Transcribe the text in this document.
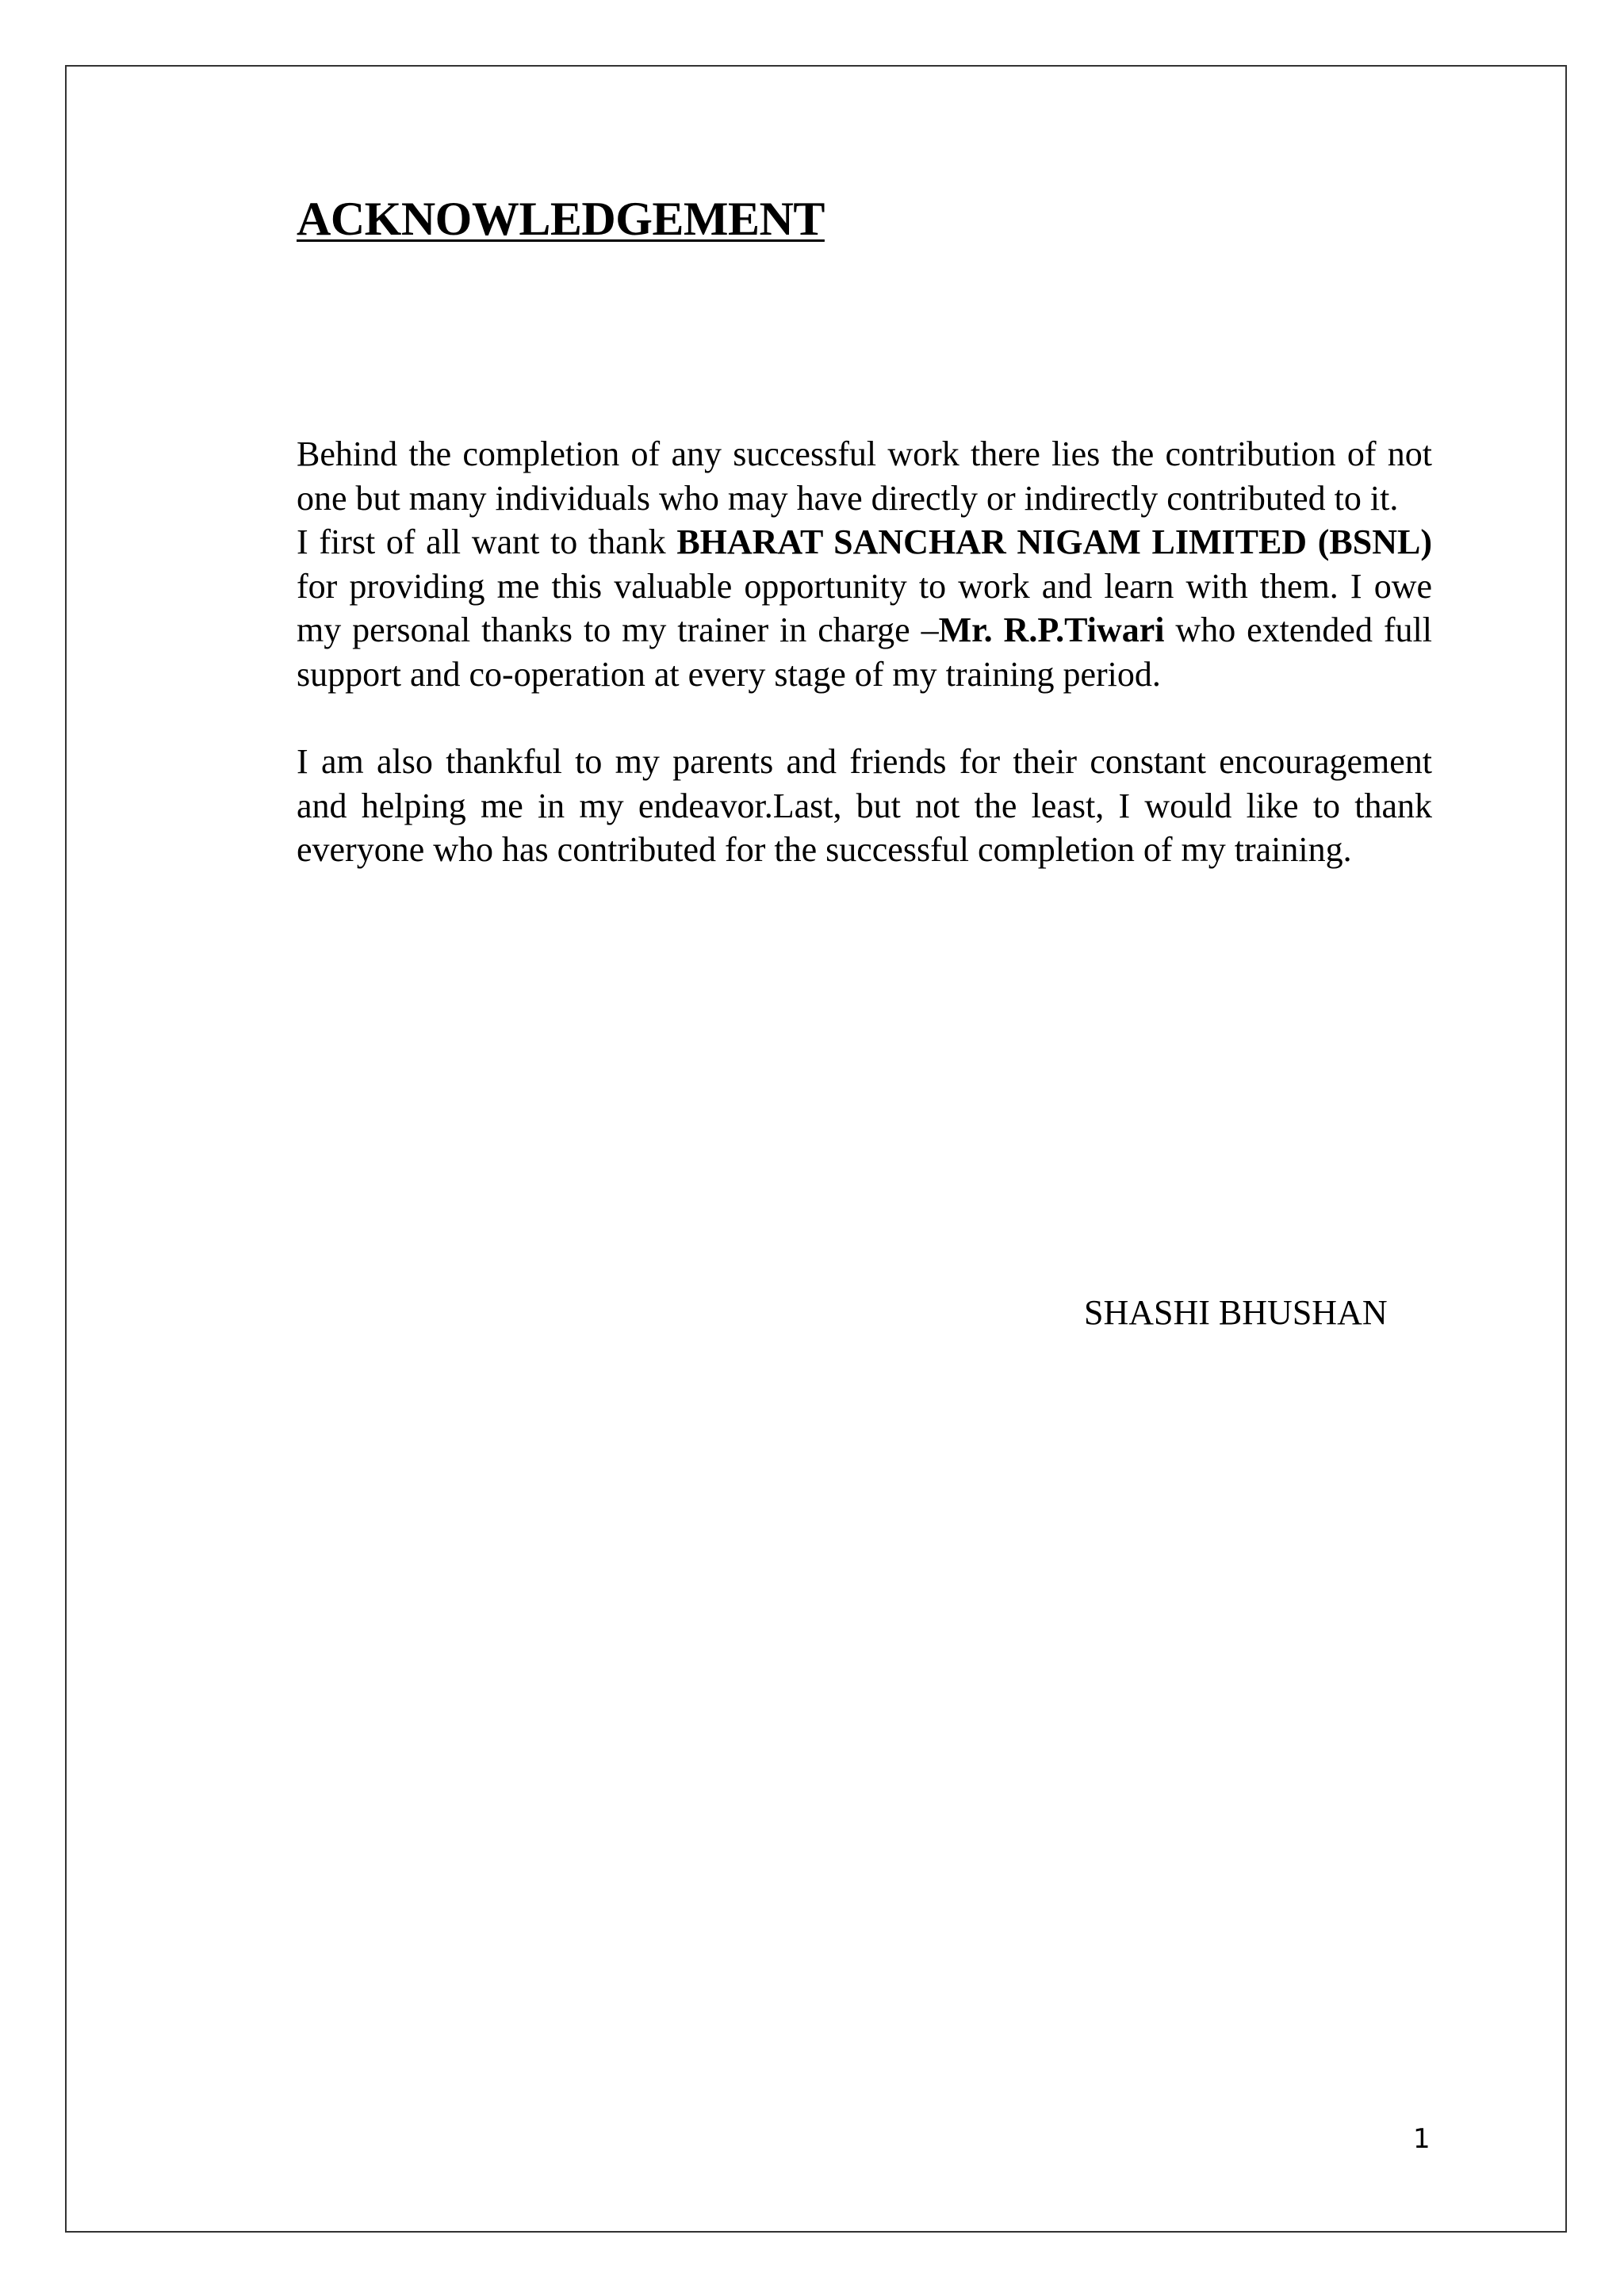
ACKNOWLEDGEMENT

Behind the completion of any successful work there lies the contribution of not one but many individuals who may have directly or indirectly contributed to it.

I first of all want to thank BHARAT SANCHAR NIGAM LIMITED (BSNL) for providing me this valuable opportunity to work and learn with them. I owe my personal thanks to my trainer in charge –Mr. R.P.Tiwari who extended full support and co-operation at every stage of my training period.

I am also thankful to my parents and friends for their constant encouragement and helping me in my endeavor.Last, but not the least, I would like to thank everyone who has contributed for the successful completion of my training.

SHASHI BHUSHAN
1
